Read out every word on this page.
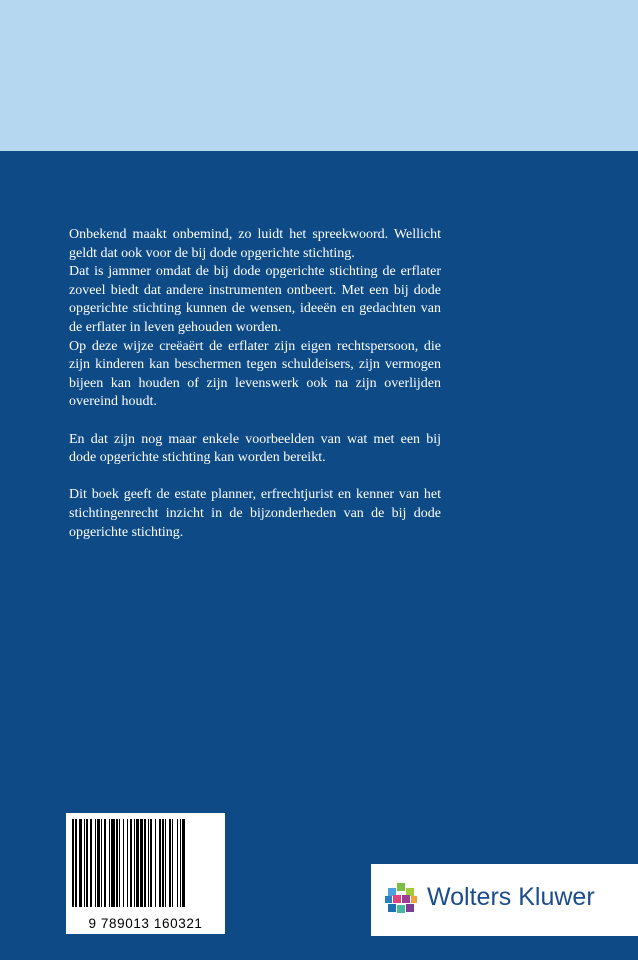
Onbekend maakt onbemind, zo luidt het spreekwoord. Wellicht geldt dat ook voor de bij dode opgerichte stichting.

Dat is jammer omdat de bij dode opgerichte stichting de erflater zoveel biedt dat andere instrumenten ontbeert. Met een bij dode opgerichte stichting kunnen de wensen, ideeën en gedachten van de erflater in leven gehouden worden.

Op deze wijze creëaërt de erflater zijn eigen rechtspersoon, die zijn kinderen kan beschermen tegen schuldeisers, zijn vermogen bijeen kan houden of zijn levenswerk ook na zijn overlijden overeind houdt.

En dat zijn nog maar enkele voorbeelden van wat met een bij dode opgerichte stichting kan worden bereikt.

Dit boek geeft de estate planner, erfrechtjurist en kenner van het stichtingenrecht inzicht in de bijzonderheden van de bij dode opgerichte stichting.

9 789013 160321
Wolters Kluwer
